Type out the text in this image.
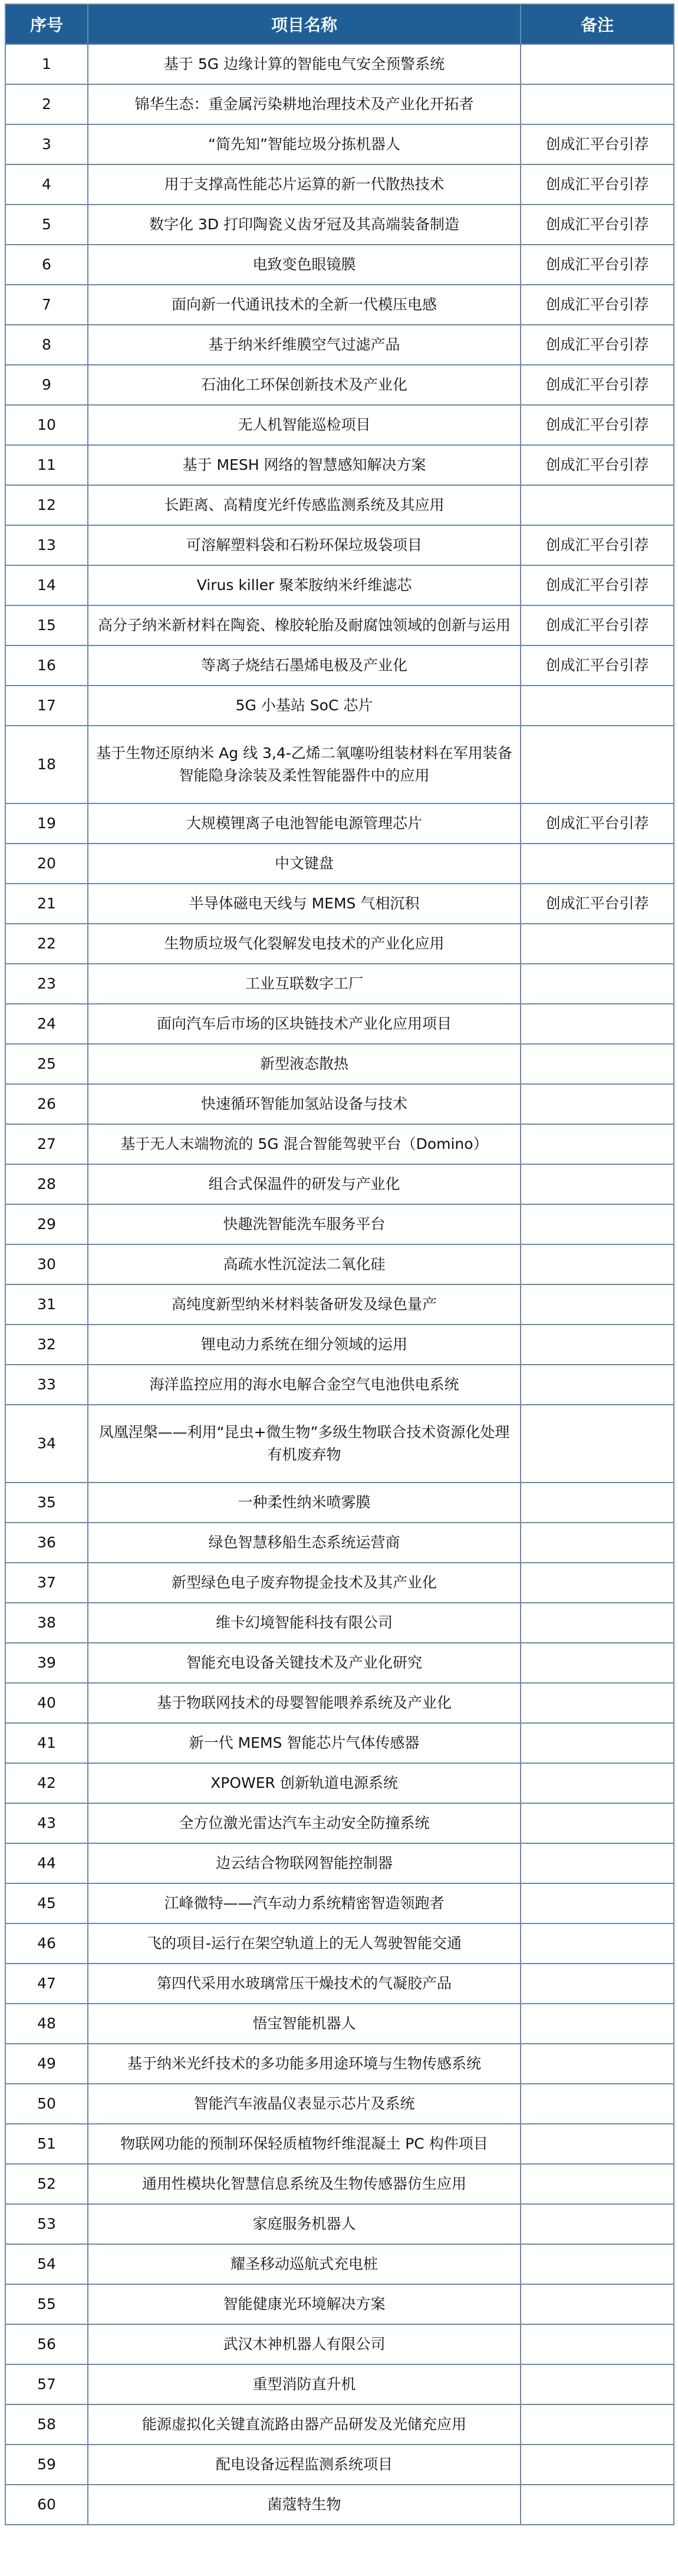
序号	项目名称	备注
1	基于 5G 边缘计算的智能电气安全预警系统	
2	锦华生态：重金属污染耕地治理技术及产业化开拓者	
3	“简先知”智能垃圾分拣机器人	创成汇平台引荐
4	用于支撑高性能芯片运算的新一代散热技术	创成汇平台引荐
5	数字化 3D 打印陶瓷义齿牙冠及其高端装备制造	创成汇平台引荐
6	电致变色眼镜膜	创成汇平台引荐
7	面向新一代通讯技术的全新一代模压电感	创成汇平台引荐
8	基于纳米纤维膜空气过滤产品	创成汇平台引荐
9	石油化工环保创新技术及产业化	创成汇平台引荐
10	无人机智能巡检项目	创成汇平台引荐
11	基于 MESH 网络的智慧感知解决方案	创成汇平台引荐
12	长距离、高精度光纤传感监测系统及其应用	
13	可溶解塑料袋和石粉环保垃圾袋项目	创成汇平台引荐
14	Virus killer 聚苯胺纳米纤维滤芯	创成汇平台引荐
15	高分子纳米新材料在陶瓷、橡胶轮胎及耐腐蚀领域的创新与运用	创成汇平台引荐
16	等离子烧结石墨烯电极及产业化	创成汇平台引荐
17	5G 小基站 SoC 芯片	
18	基于生物还原纳米 Ag 线 3,4-乙烯二氧噻吩组装材料在军用装备智能隐身涂装及柔性智能器件中的应用	
19	大规模锂离子电池智能电源管理芯片	创成汇平台引荐
20	中文键盘	
21	半导体磁电天线与 MEMS 气相沉积	创成汇平台引荐
22	生物质垃圾气化裂解发电技术的产业化应用	
23	工业互联数字工厂	
24	面向汽车后市场的区块链技术产业化应用项目	
25	新型液态散热	
26	快速循环智能加氢站设备与技术	
27	基于无人末端物流的 5G 混合智能驾驶平台（Domino）	
28	组合式保温件的研发与产业化	
29	快趣洗智能洗车服务平台	
30	高疏水性沉淀法二氧化硅	
31	高纯度新型纳米材料装备研发及绿色量产	
32	锂电动力系统在细分领域的运用	
33	海洋监控应用的海水电解合金空气电池供电系统	
34	凤凰涅槃——利用“昆虫+微生物”多级生物联合技术资源化处理有机废弃物	
35	一种柔性纳米喷雾膜	
36	绿色智慧移船生态系统运营商	
37	新型绿色电子废弃物提金技术及其产业化	
38	维卡幻境智能科技有限公司	
39	智能充电设备关键技术及产业化研究	
40	基于物联网技术的母婴智能喂养系统及产业化	
41	新一代 MEMS 智能芯片气体传感器	
42	XPOWER 创新轨道电源系统	
43	全方位激光雷达汽车主动安全防撞系统	
44	边云结合物联网智能控制器	
45	江峰微特——汽车动力系统精密智造领跑者	
46	飞的项目-运行在架空轨道上的无人驾驶智能交通	
47	第四代采用水玻璃常压干燥技术的气凝胶产品	
48	悟宝智能机器人	
49	基于纳米光纤技术的多功能多用途环境与生物传感系统	
50	智能汽车液晶仪表显示芯片及系统	
51	物联网功能的预制环保轻质植物纤维混凝土 PC 构件项目	
52	通用性模块化智慧信息系统及生物传感器仿生应用	
53	家庭服务机器人	
54	耀圣移动巡航式充电桩	
55	智能健康光环境解决方案	
56	武汉木神机器人有限公司	
57	重型消防直升机	
58	能源虚拟化关键直流路由器产品研发及光储充应用	
59	配电设备远程监测系统项目	
60	菌蔻特生物	
